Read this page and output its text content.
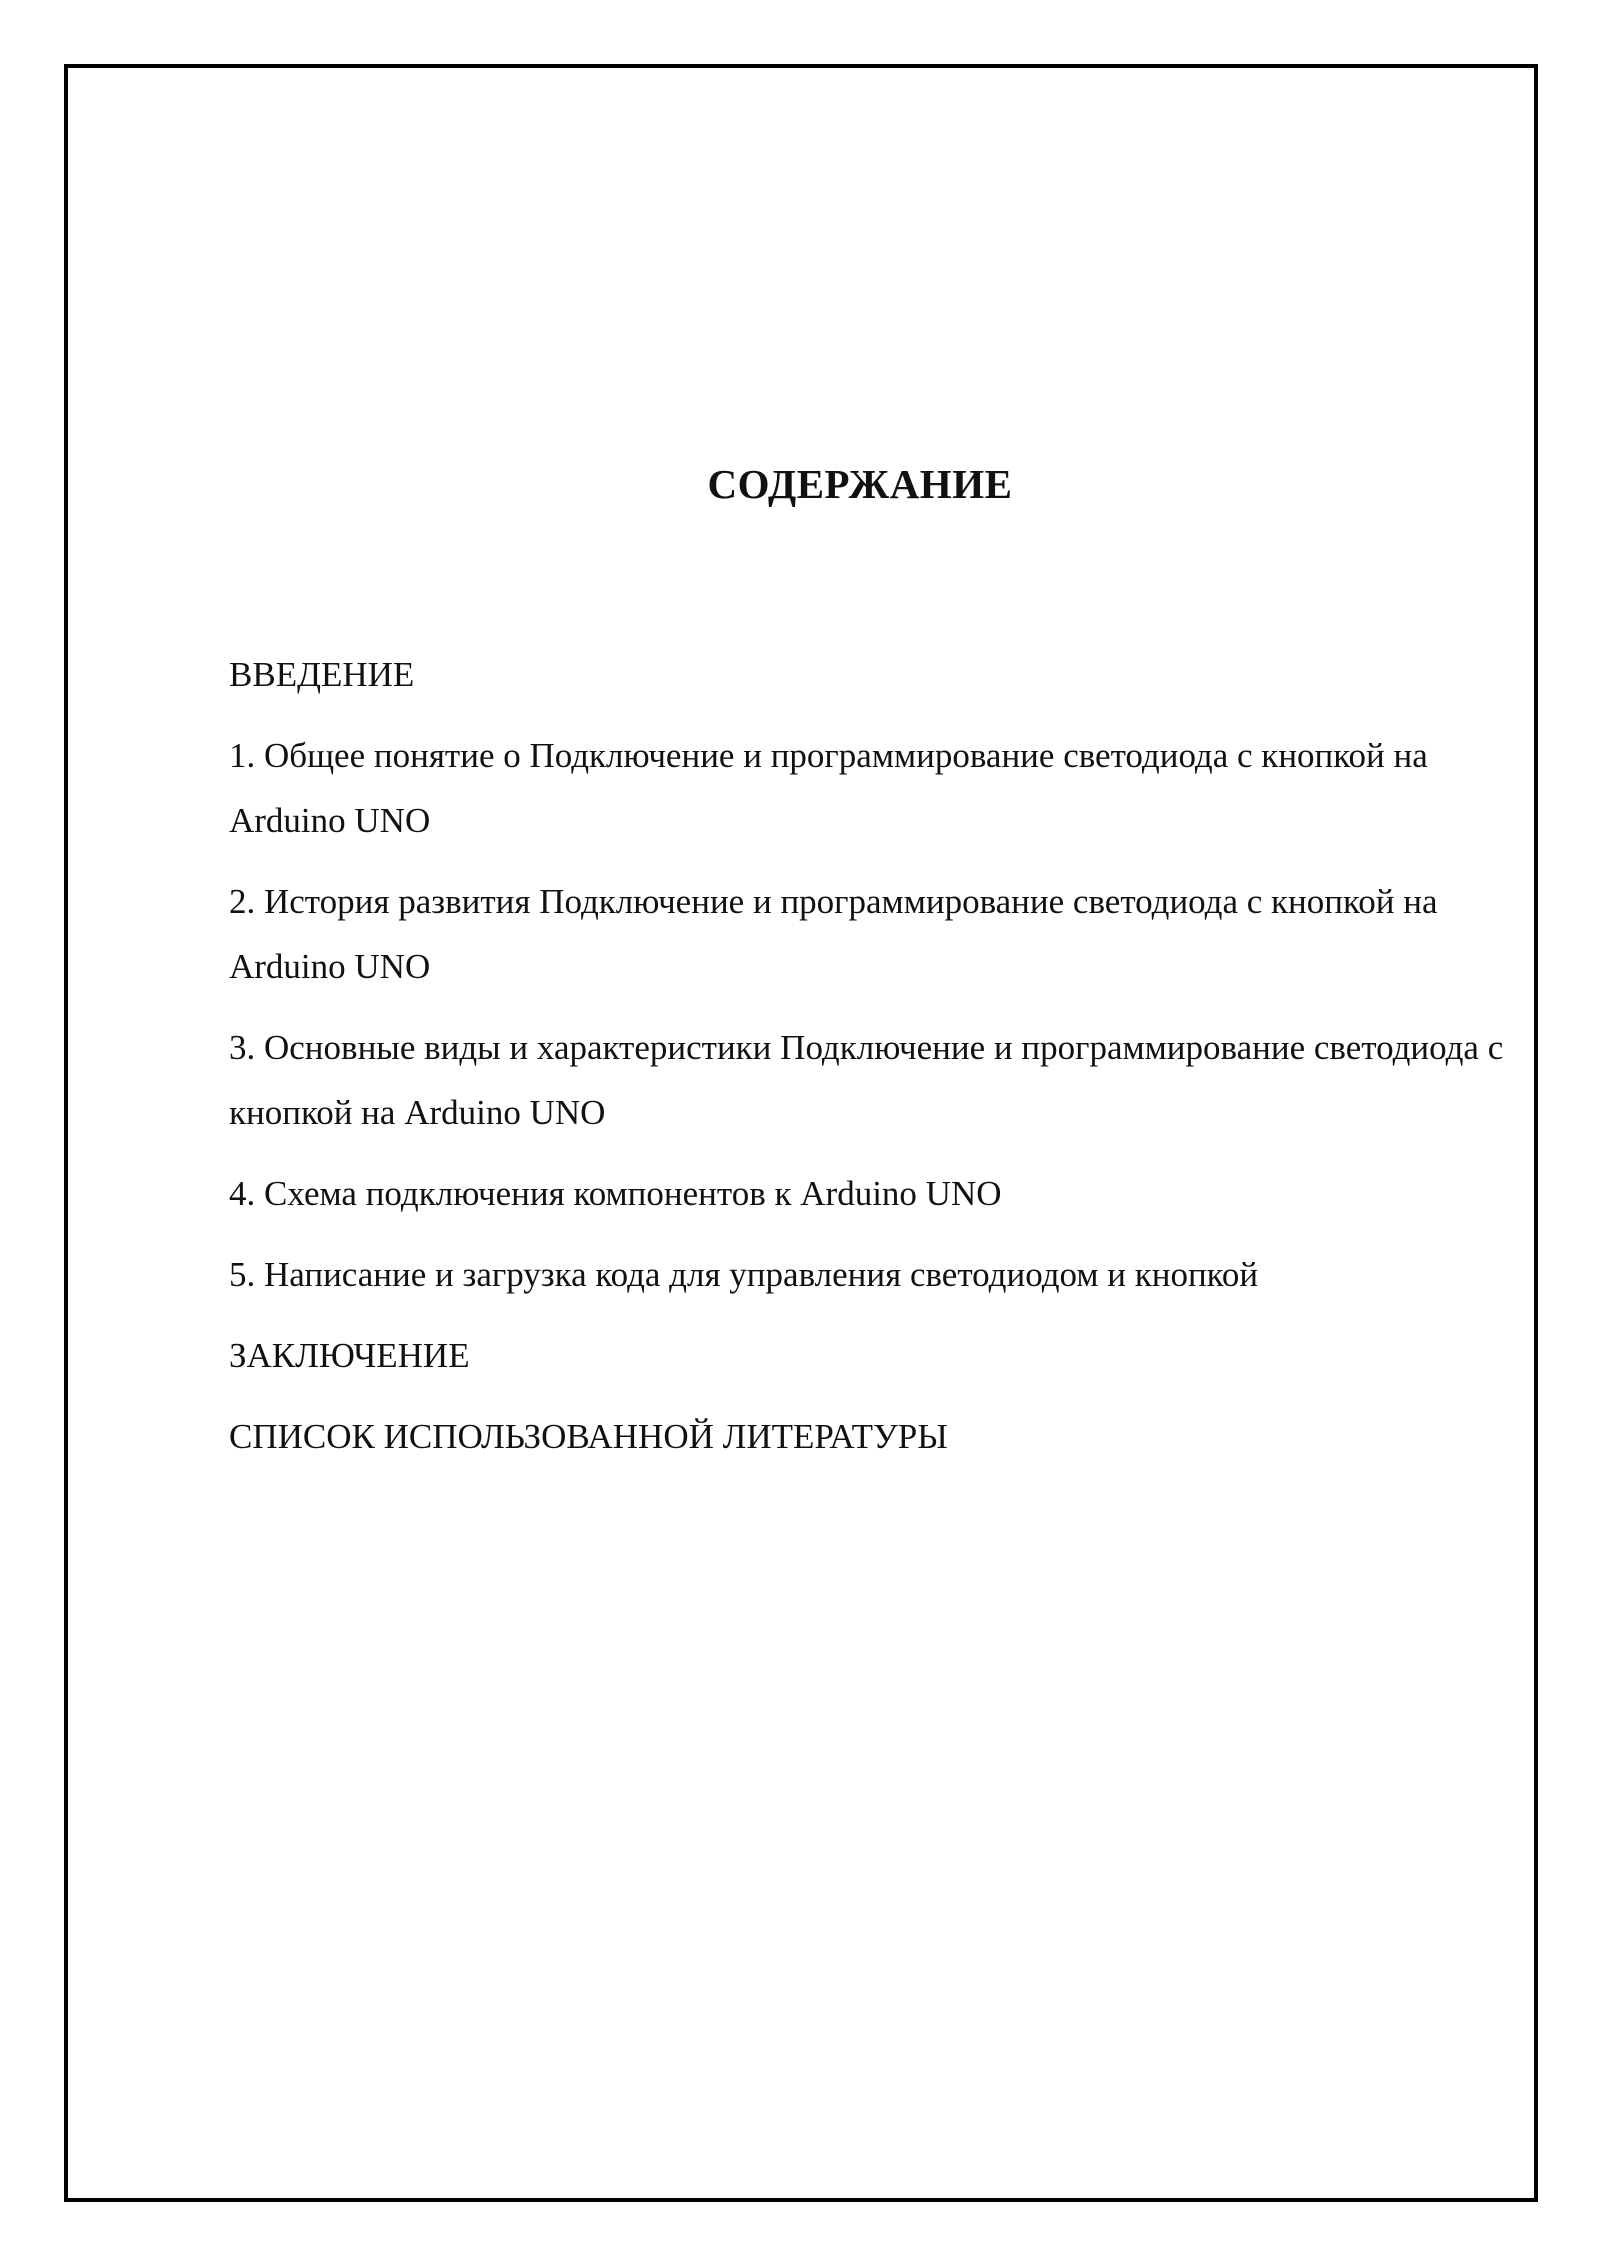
СОДЕРЖАНИЕ
ВВЕДЕНИЕ
1. Общее понятие о Подключение и программирование светодиода с кнопкой на Arduino UNO
2. История развития Подключение и программирование светодиода с кнопкой на Arduino UNO
3. Основные виды и характеристики Подключение и программирование светодиода с кнопкой на Arduino UNO
4. Схема подключения компонентов к Arduino UNO
5. Написание и загрузка кода для управления светодиодом и кнопкой
ЗАКЛЮЧЕНИЕ
СПИСОК ИСПОЛЬЗОВАННОЙ ЛИТЕРАТУРЫ
